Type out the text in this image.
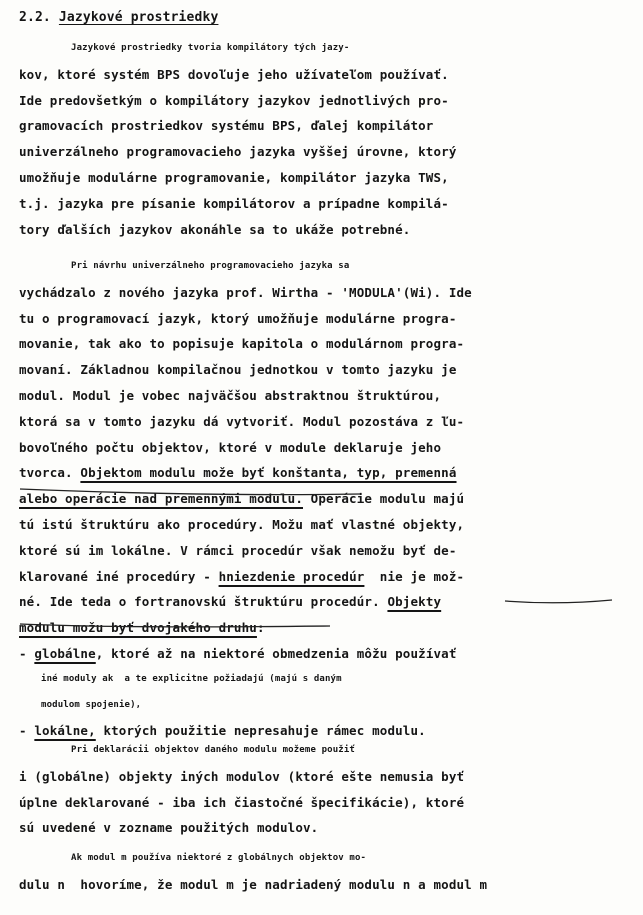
2.2. Jazykové prostriedky
Jazykové prostriedky tvoria kompilátory tých jazy-
kov, ktoré systém BPS dovoľuje jeho užívateľom používať.
Ide predovšetkým o kompilátory jazykov jednotlivých pro-
gramovacích prostriedkov systému BPS, ďalej kompilátor
univerzálneho programovacieho jazyka vyššej úrovne, ktorý
umožňuje modulárne programovanie, kompilátor jazyka TWS,
t.j. jazyka pre písanie kompilátorov a prípadne kompilá-
tory ďalších jazykov akonáhle sa to ukáže potrebné.
Pri návrhu univerzálneho programovacieho jazyka sa
vychádzalo z nového jazyka prof. Wirtha - 'MODULA'(Wi). Ide
tu o programovací jazyk, ktorý umožňuje modulárne progra-
movanie, tak ako to popisuje kapitola o modulárnom progra-
movaní. Základnou kompilačnou jednotkou v tomto jazyku je
modul. Modul je vobec najväčšou abstraktnou štruktúrou,
ktorá sa v tomto jazyku dá vytvoriť. Modul pozostáva z ľu-
bovoľného počtu objektov, ktoré v module deklaruje jeho
tvorca. Objektom modulu može byť konštanta, typ, premenná
alebo operácie nad premennými modulu. Operácie modulu majú
tú istú štruktúru ako procedúry. Možu mať vlastné objekty,
ktoré sú im lokálne. V rámci procedúr však nemožu byť de-
klarované iné procedúry - hniezdenie procedúr  nie je mož-
né. Ide teda o fortranovskú štruktúru procedúr. Objekty
modulu možu byť dvojakého druhu:
- globálne, ktoré až na niektoré obmedzenia môžu používať
iné moduly ak  a te explicitne požiadajú (majú s daným
modulom spojenie),
- lokálne, ktorých použitie nepresahuje rámec modulu.
Pri deklarácii objektov daného modulu možeme použiť
i (globálne) objekty iných modulov (ktoré ešte nemusia byť
úplne deklarované - iba ich čiastočné špecifikácie), ktoré
sú uvedené v zozname použitých modulov.
Ak modul m používa niektoré z globálnych objektov mo-
dulu n  hovoríme, že modul m je nadriadený modulu n a modul m
